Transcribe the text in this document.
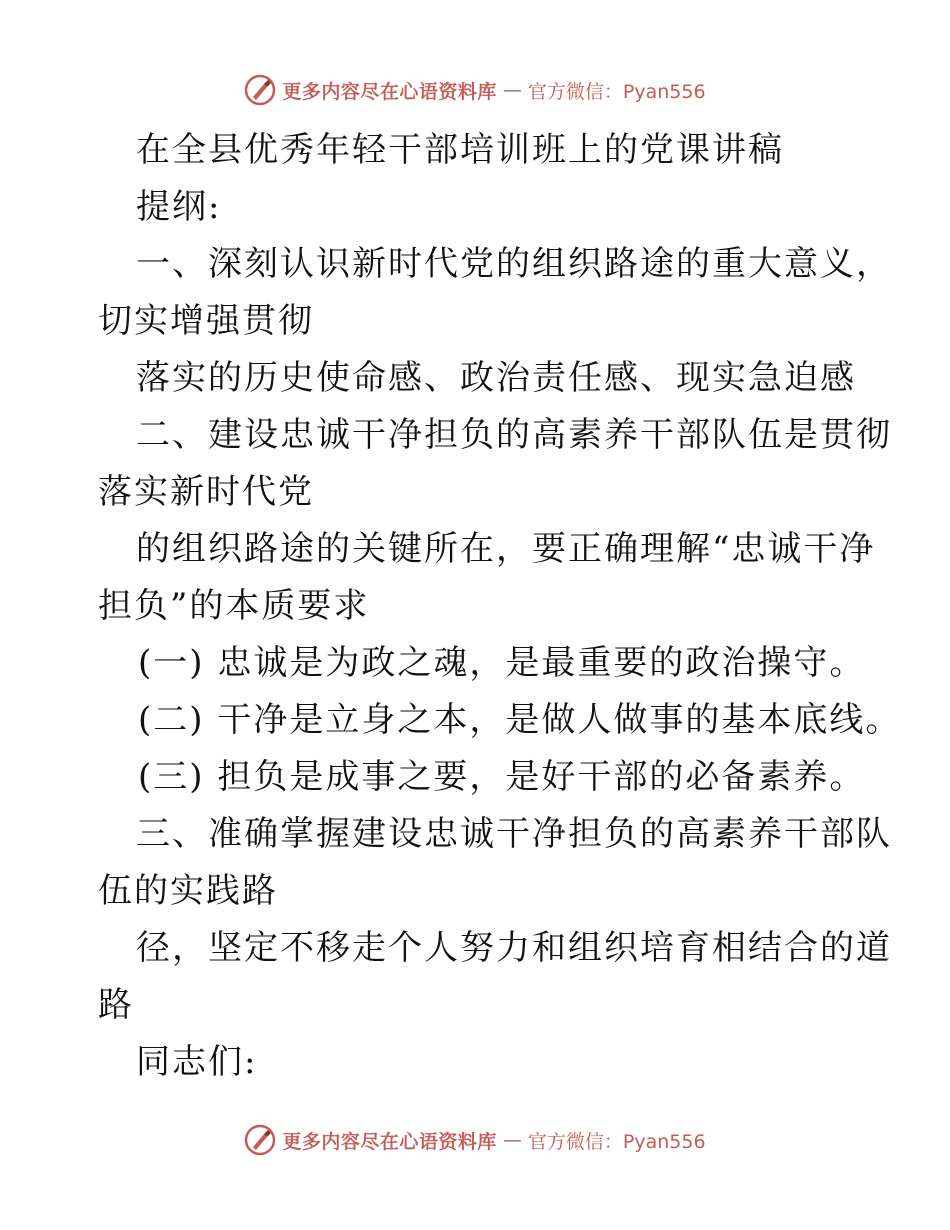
更多内容尽在心语资料库 — 官方微信：Pyan556
在全县优秀年轻干部培训班上的党课讲稿
提纲:
一、深刻认识新时代党的组织路途的重大意义，
切实增强贯彻
落实的历史使命感、政治责任感、现实急迫感
二、建设忠诚干净担负的高素养干部队伍是贯彻
落实新时代党
的组织路途的关键所在，要正确理解“忠诚干净
担负”的本质要求
(一) 忠诚是为政之魂，是最重要的政治操守。
(二) 干净是立身之本，是做人做事的基本底线。
(三) 担负是成事之要，是好干部的必备素养。
三、准确掌握建设忠诚干净担负的高素养干部队
伍的实践路
径，坚定不移走个人努力和组织培育相结合的道
路
同志们:
更多内容尽在心语资料库 — 官方微信：Pyan556
